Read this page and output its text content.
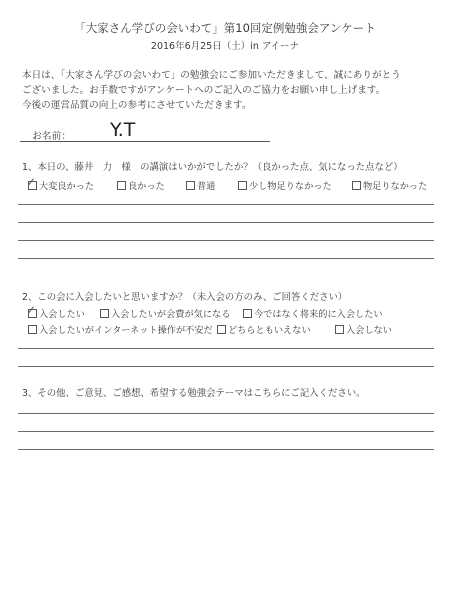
「大家さん学びの会いわて」第10回定例勉強会アンケート
2016年6月25日（土）in アイーナ
本日は、「大家さん学びの会いわて」の勉強会にご参加いただきまして、誠にありがとう
ございました。お手数ですがアンケートへのご記入のご協力をお願い申し上げます。
今後の運営品質の向上の参考にさせていただきます。
お名前： Y.T
1、本日の、藤井　力　様　の講演はいかがでしたか？（良かった点、気になった点など）
✓ 大変良かった	良かった	普通	少し物足りなかった	物足りなかった
2、この会に入会したいと思いますか？（未入会の方のみ、ご回答ください）
✓ 入会したい	入会したいが会費が気になる	今ではなく将来的に入会したい
入会したいがインターネット操作が不安だ	どちらともいえない	入会しない
3、その他、ご意見、ご感想、希望する勉強会テーマはこちらにご記入ください。
